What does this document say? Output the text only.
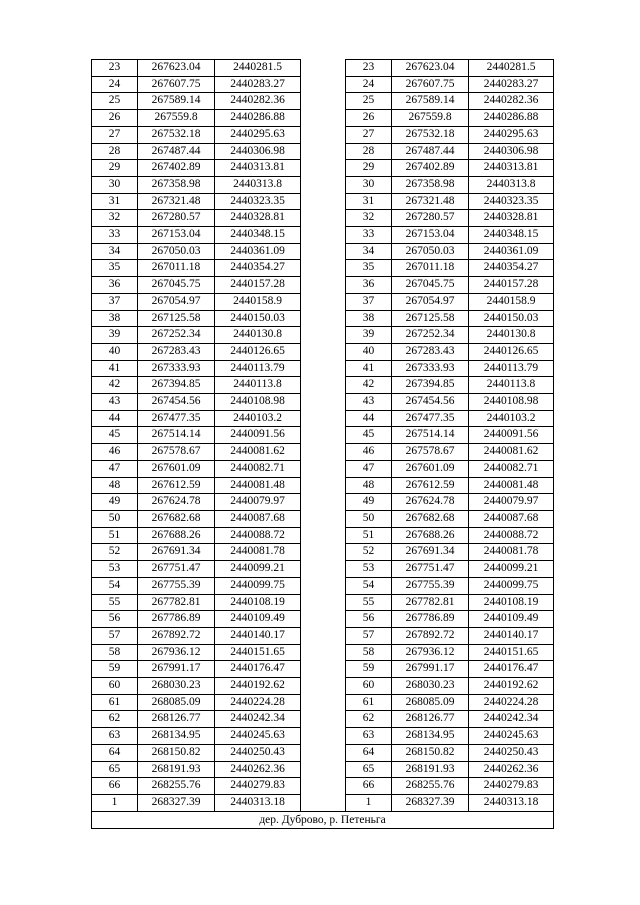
23	267623.04	2440281.5		23	267623.04	2440281.5
24	267607.75	2440283.27		24	267607.75	2440283.27
25	267589.14	2440282.36		25	267589.14	2440282.36
26	267559.8	2440286.88		26	267559.8	2440286.88
27	267532.18	2440295.63		27	267532.18	2440295.63
28	267487.44	2440306.98		28	267487.44	2440306.98
29	267402.89	2440313.81		29	267402.89	2440313.81
30	267358.98	2440313.8		30	267358.98	2440313.8
31	267321.48	2440323.35		31	267321.48	2440323.35
32	267280.57	2440328.81		32	267280.57	2440328.81
33	267153.04	2440348.15		33	267153.04	2440348.15
34	267050.03	2440361.09		34	267050.03	2440361.09
35	267011.18	2440354.27		35	267011.18	2440354.27
36	267045.75	2440157.28		36	267045.75	2440157.28
37	267054.97	2440158.9		37	267054.97	2440158.9
38	267125.58	2440150.03		38	267125.58	2440150.03
39	267252.34	2440130.8		39	267252.34	2440130.8
40	267283.43	2440126.65		40	267283.43	2440126.65
41	267333.93	2440113.79		41	267333.93	2440113.79
42	267394.85	2440113.8		42	267394.85	2440113.8
43	267454.56	2440108.98		43	267454.56	2440108.98
44	267477.35	2440103.2		44	267477.35	2440103.2
45	267514.14	2440091.56		45	267514.14	2440091.56
46	267578.67	2440081.62		46	267578.67	2440081.62
47	267601.09	2440082.71		47	267601.09	2440082.71
48	267612.59	2440081.48		48	267612.59	2440081.48
49	267624.78	2440079.97		49	267624.78	2440079.97
50	267682.68	2440087.68		50	267682.68	2440087.68
51	267688.26	2440088.72		51	267688.26	2440088.72
52	267691.34	2440081.78		52	267691.34	2440081.78
53	267751.47	2440099.21		53	267751.47	2440099.21
54	267755.39	2440099.75		54	267755.39	2440099.75
55	267782.81	2440108.19		55	267782.81	2440108.19
56	267786.89	2440109.49		56	267786.89	2440109.49
57	267892.72	2440140.17		57	267892.72	2440140.17
58	267936.12	2440151.65		58	267936.12	2440151.65
59	267991.17	2440176.47		59	267991.17	2440176.47
60	268030.23	2440192.62		60	268030.23	2440192.62
61	268085.09	2440224.28		61	268085.09	2440224.28
62	268126.77	2440242.34		62	268126.77	2440242.34
63	268134.95	2440245.63		63	268134.95	2440245.63
64	268150.82	2440250.43		64	268150.82	2440250.43
65	268191.93	2440262.36		65	268191.93	2440262.36
66	268255.76	2440279.83		66	268255.76	2440279.83
1	268327.39	2440313.18		1	268327.39	2440313.18
дер. Дуброво, р. Петеньга						
